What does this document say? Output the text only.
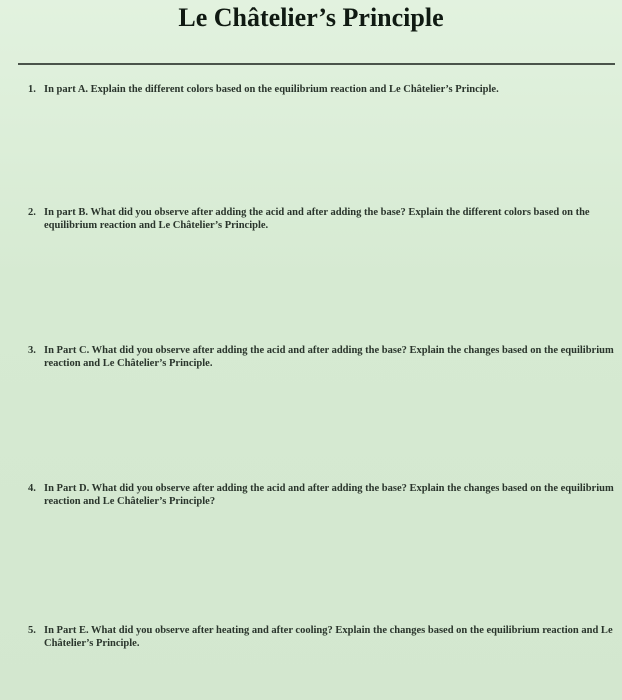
Le Châtelier’s Principle
1. In part A. Explain the different colors based on the equilibrium reaction and Le Châtelier’s Principle.
2. In part B. What did you observe after adding the acid and after adding the base? Explain the different colors based on the equilibrium reaction and Le Châtelier’s Principle.
3. In Part C. What did you observe after adding the acid and after adding the base? Explain the changes based on the equilibrium reaction and Le Châtelier’s Principle.
4. In Part D. What did you observe after adding the acid and after adding the base? Explain the changes based on the equilibrium reaction and Le Châtelier’s Principle?
5. In Part E. What did you observe after heating and after cooling? Explain the changes based on the equilibrium reaction and Le Châtelier’s Principle.
